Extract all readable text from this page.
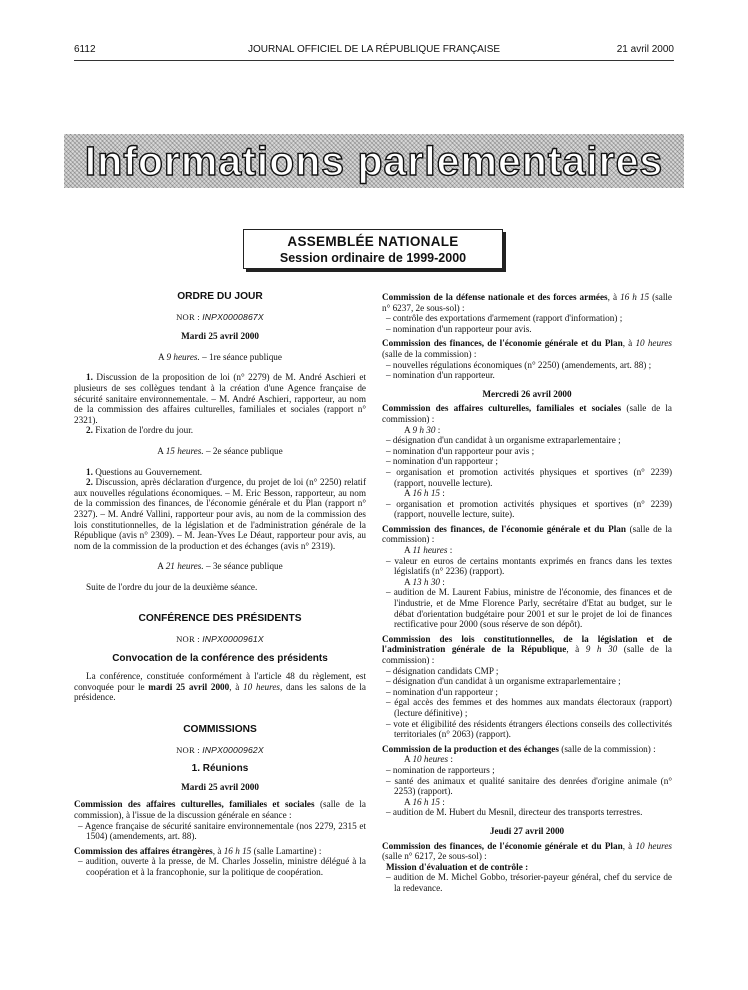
6112	JOURNAL OFFICIEL DE LA RÉPUBLIQUE FRANÇAISE	21 avril 2000
Informations parlementaires
ASSEMBLÉE NATIONALE
Session ordinaire de 1999-2000
ORDRE DU JOUR
NOR : INPX0000867X
Mardi 25 avril 2000
A 9 heures. – 1re séance publique

1. Discussion de la proposition de loi (n° 2279) de M. André Aschieri et plusieurs de ses collègues tendant à la création d'une Agence française de sécurité sanitaire environnementale. – M. André Aschieri, rapporteur, au nom de la commission des affaires culturelles, familiales et sociales (rapport n° 2321).

2. Fixation de l'ordre du jour.

A 15 heures. – 2e séance publique

1. Questions au Gouvernement.

2. Discussion, après déclaration d'urgence, du projet de loi (n° 2250) relatif aux nouvelles régulations économiques. – M. Eric Besson, rapporteur, au nom de la commission des finances, de l'économie générale et du Plan (rapport n° 2327). – M. André Vallini, rapporteur pour avis, au nom de la commission des lois constitutionnelles, de la législation et de l'administration générale de la République (avis n° 2309). – M. Jean-Yves Le Déaut, rapporteur pour avis, au nom de la commission de la production et des échanges (avis n° 2319).

A 21 heures. – 3e séance publique

Suite de l'ordre du jour de la deuxième séance.

CONFÉRENCE DES PRÉSIDENTS
NOR : INPX0000961X
Convocation de la conférence des présidents

La conférence, constituée conformément à l'article 48 du règlement, est convoquée pour le mardi 25 avril 2000, à 10 heures, dans les salons de la présidence.

COMMISSIONS
NOR : INPX0000962X
1. Réunions
Mardi 25 avril 2000

Commission des affaires culturelles, familiales et sociales (salle de la commission), à l'issue de la discussion générale en séance :

– Agence française de sécurité sanitaire environnementale (nos 2279, 2315 et 1504) (amendements, art. 88).

Commission des affaires étrangères, à 16 h 15 (salle Lamartine) :

– audition, ouverte à la presse, de M. Charles Josselin, ministre délégué à la coopération et à la francophonie, sur la politique de coopération.

Commission de la défense nationale et des forces armées, à 16 h 15 (salle n° 6237, 2e sous-sol) :

– contrôle des exportations d'armement (rapport d'information) ;

– nomination d'un rapporteur pour avis.

Commission des finances, de l'économie générale et du Plan, à 10 heures (salle de la commission) :

– nouvelles régulations économiques (n° 2250) (amendements, art. 88) ;

– nomination d'un rapporteur.

Mercredi 26 avril 2000

Commission des affaires culturelles, familiales et sociales (salle de la commission) :

A 9 h 30 :

– désignation d'un candidat à un organisme extraparlementaire ;

– nomination d'un rapporteur pour avis ;

– nomination d'un rapporteur ;

– organisation et promotion activités physiques et sportives (n° 2239) (rapport, nouvelle lecture).

A 16 h 15 :

– organisation et promotion activités physiques et sportives (n° 2239) (rapport, nouvelle lecture, suite).

Commission des finances, de l'économie générale et du Plan (salle de la commission) :

A 11 heures :

– valeur en euros de certains montants exprimés en francs dans les textes législatifs (n° 2236) (rapport).

A 13 h 30 :

– audition de M. Laurent Fabius, ministre de l'économie, des finances et de l'industrie, et de Mme Florence Parly, secrétaire d'Etat au budget, sur le débat d'orientation budgétaire pour 2001 et sur le projet de loi de finances rectificative pour 2000 (sous réserve de son dépôt).

Commission des lois constitutionnelles, de la législation et de l'administration générale de la République, à 9 h 30 (salle de la commission) :

– désignation candidats CMP ;

– désignation d'un candidat à un organisme extraparlementaire ;

– nomination d'un rapporteur ;

– égal accès des femmes et des hommes aux mandats électoraux (rapport) (lecture définitive) ;

– vote et éligibilité des résidents étrangers élections conseils des collectivités territoriales (n° 2063) (rapport).

Commission de la production et des échanges (salle de la commission) :

A 10 heures :

– nomination de rapporteurs ;

– santé des animaux et qualité sanitaire des denrées d'origine animale (n° 2253) (rapport).

A 16 h 15 :

– audition de M. Hubert du Mesnil, directeur des transports terrestres.

Jeudi 27 avril 2000

Commission des finances, de l'économie générale et du Plan, à 10 heures (salle n° 6217, 2e sous-sol) :

Mission d'évaluation et de contrôle :

– audition de M. Michel Gobbo, trésorier-payeur général, chef du service de la redevance.
